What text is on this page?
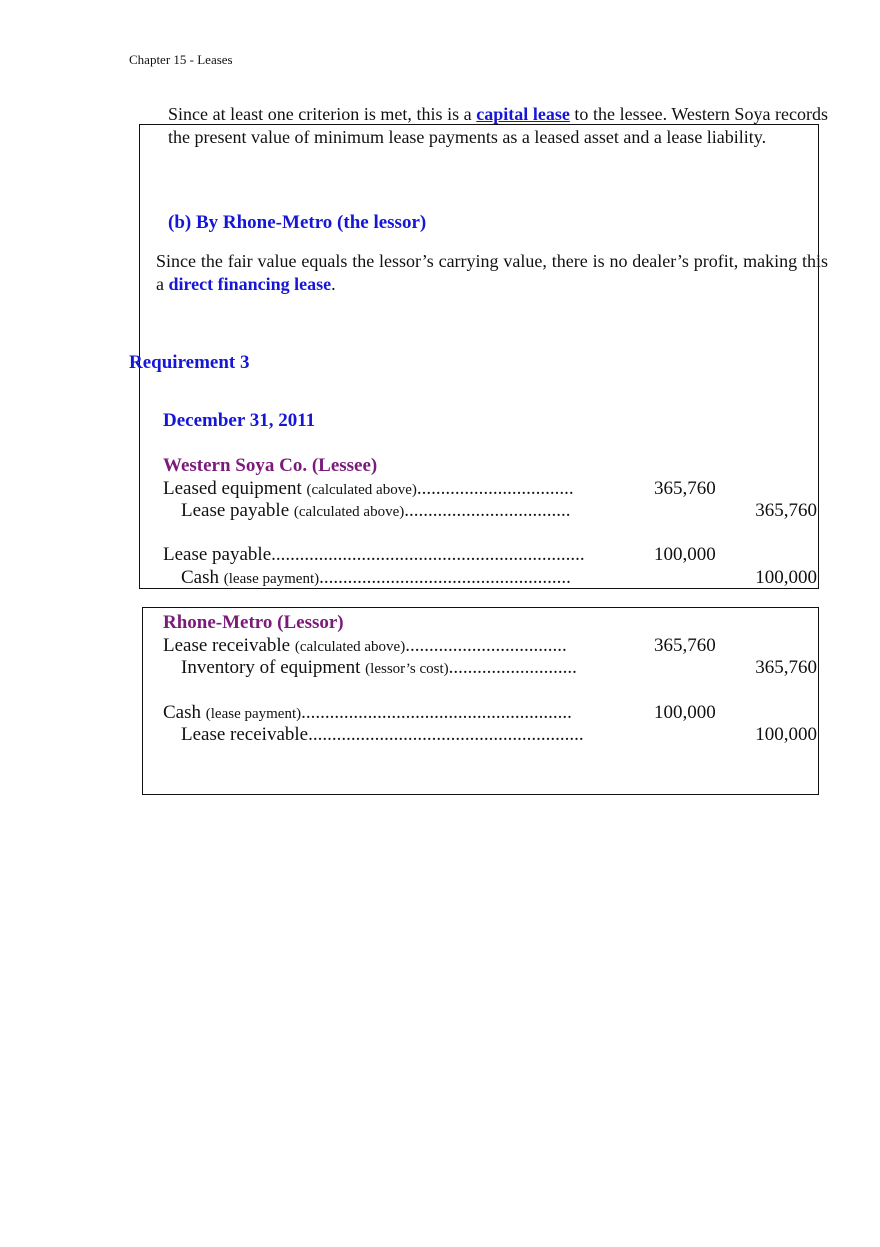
Chapter 15 - Leases
Since at least one criterion is met, this is a capital lease to the lessee. Western Soya records the present value of minimum lease payments as a leased asset and a lease liability.
(b) By Rhone-Metro (the lessor)
Since the fair value equals the lessor’s carrying value, there is no dealer’s profit, making this a direct financing lease.
Requirement 3
December 31, 2011
Western Soya Co. (Lessee)
Leased equipment (calculated above).................................	365,760
Lease payable (calculated above)...................................	365,760
Lease payable..................................................................	100,000
Cash (lease payment).....................................................	100,000
Rhone-Metro (Lessor)
Lease receivable (calculated above)..................................	365,760
Inventory of equipment (lessor’s cost)...........................	365,760
Cash (lease payment).........................................................	100,000
Lease receivable..........................................................	100,000
